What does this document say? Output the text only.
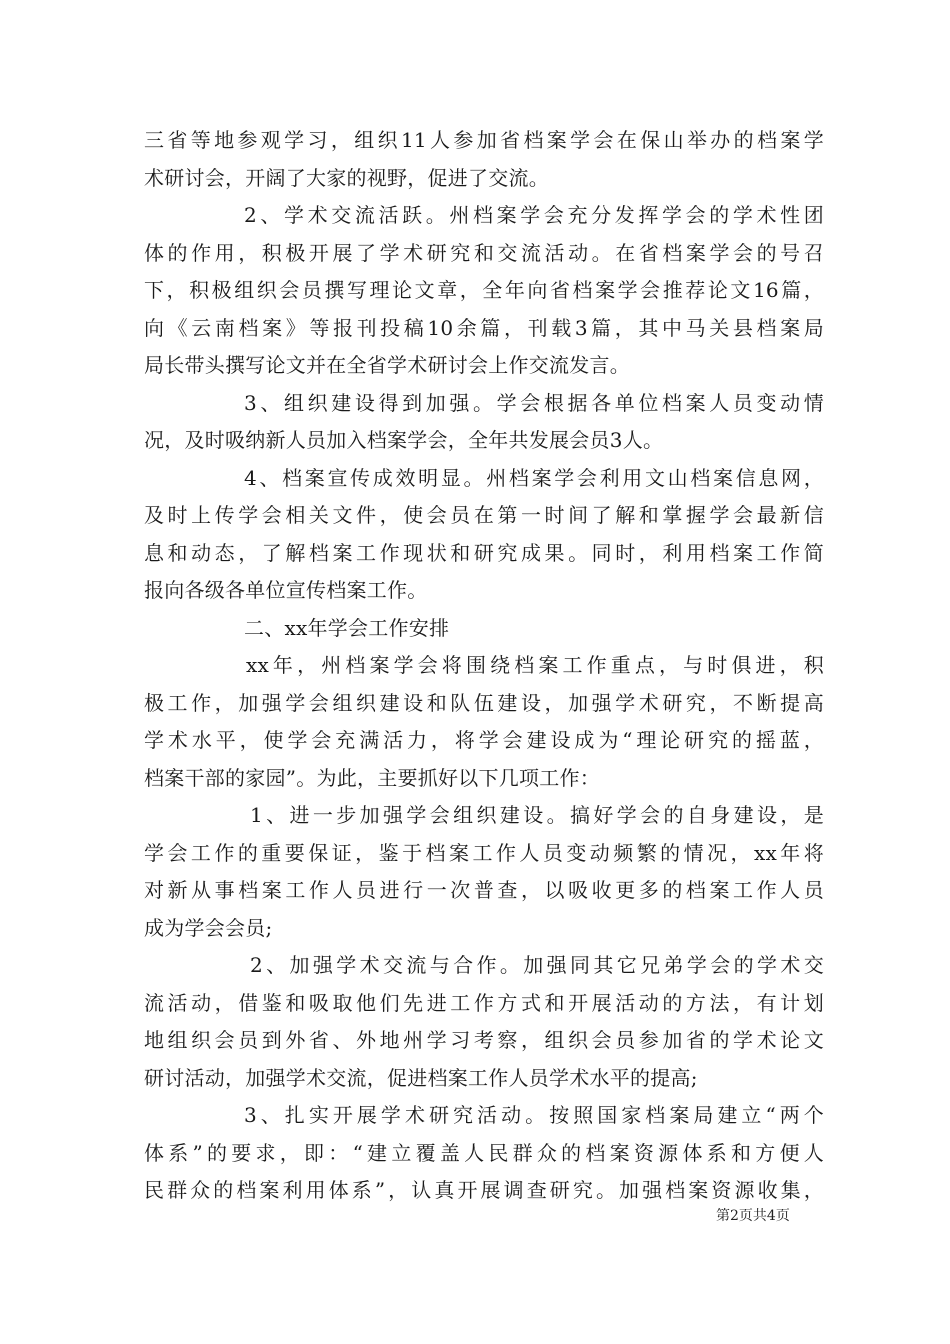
三省等地参观学习，组织11人参加省档案学会在保山举办的档案学
术研讨会，开阔了大家的视野，促进了交流。
2、学术交流活跃。州档案学会充分发挥学会的学术性团
体的作用，积极开展了学术研究和交流活动。在省档案学会的号召
下，积极组织会员撰写理论文章，全年向省档案学会推荐论文16篇，
向《云南档案》等报刊投稿10余篇，刊载3篇，其中马关县档案局
局长带头撰写论文并在全省学术研讨会上作交流发言。
3、组织建设得到加强。学会根据各单位档案人员变动情
况，及时吸纳新人员加入档案学会，全年共发展会员3人。
4、档案宣传成效明显。州档案学会利用文山档案信息网，
及时上传学会相关文件，使会员在第一时间了解和掌握学会最新信
息和动态，了解档案工作现状和研究成果。同时，利用档案工作简
报向各级各单位宣传档案工作。
二、xx年学会工作安排
xx年，州档案学会将围绕档案工作重点，与时俱进，积
极工作，加强学会组织建设和队伍建设，加强学术研究，不断提高
学术水平，使学会充满活力，将学会建设成为“理论研究的摇蓝，
档案干部的家园”。为此，主要抓好以下几项工作：
1、进一步加强学会组织建设。搞好学会的自身建设，是
学会工作的重要保证，鉴于档案工作人员变动频繁的情况，xx年将
对新从事档案工作人员进行一次普查，以吸收更多的档案工作人员
成为学会会员;
2、加强学术交流与合作。加强同其它兄弟学会的学术交
流活动，借鉴和吸取他们先进工作方式和开展活动的方法，有计划
地组织会员到外省、外地州学习考察，组织会员参加省的学术论文
研讨活动，加强学术交流，促进档案工作人员学术水平的提高;
3、扎实开展学术研究活动。按照国家档案局建立“两个
体系”的要求，即：“建立覆盖人民群众的档案资源体系和方便人
民群众的档案利用体系”，认真开展调查研究。加强档案资源收集，
第2页共4页
